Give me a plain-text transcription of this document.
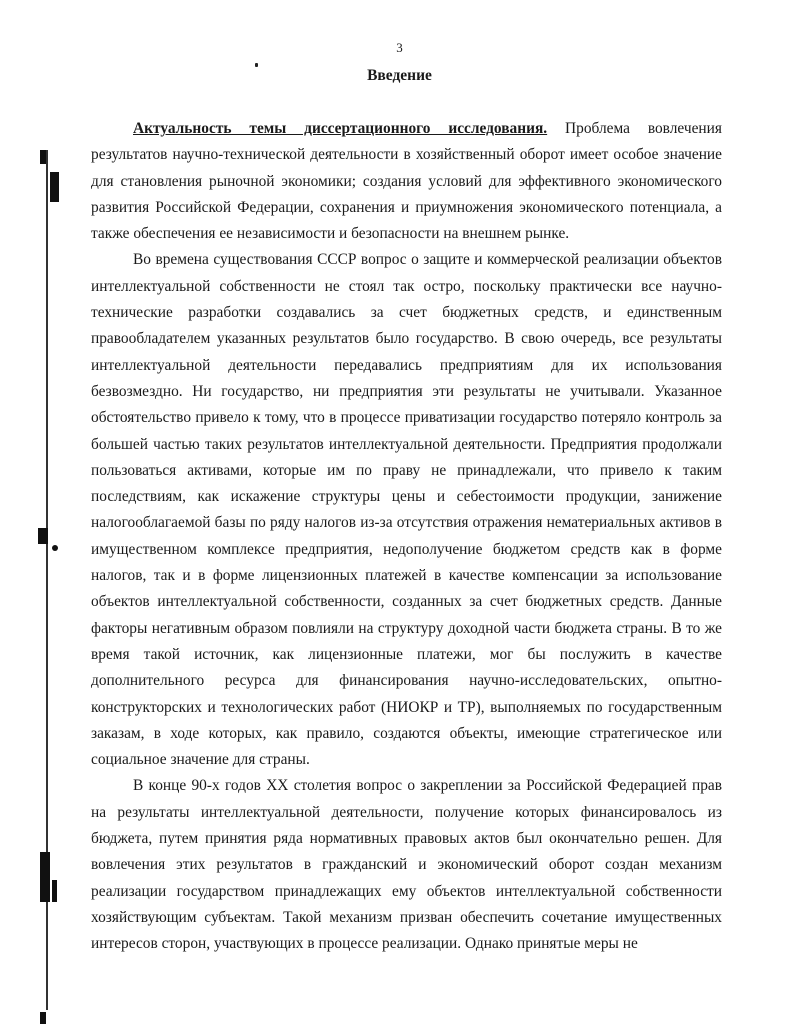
3
Введение

Актуальность темы диссертационного исследования. Проблема вовлечения результатов научно-технической деятельности в хозяйственный оборот имеет особое значение для становления рыночной экономики; создания условий для эффективного экономического развития Российской Федерации, сохранения и приумножения экономического потенциала, а также обеспечения ее независимости и безопасности на внешнем рынке.

Во времена существования СССР вопрос о защите и коммерческой реализации объектов интеллектуальной собственности не стоял так остро, поскольку практически все научно-технические разработки создавались за счет бюджетных средств, и единственным правообладателем указанных результатов было государство. В свою очередь, все результаты интеллектуальной деятельности передавались предприятиям для их использования безвозмездно. Ни государство, ни предприятия эти результаты не учитывали. Указанное обстоятельство привело к тому, что в процессе приватизации государство потеряло контроль за большей частью таких результатов интеллектуальной деятельности. Предприятия продолжали пользоваться активами, которые им по праву не принадлежали, что привело к таким последствиям, как искажение структуры цены и себестоимости продукции, занижение налогооблагаемой базы по ряду налогов из-за отсутствия отражения нематериальных активов в имущественном комплексе предприятия, недополучение бюджетом средств как в форме налогов, так и в форме лицензионных платежей в качестве компенсации за использование объектов интеллектуальной собственности, созданных за счет бюджетных средств. Данные факторы негативным образом повлияли на структуру доходной части бюджета страны. В то же время такой источник, как лицензионные платежи, мог бы послужить в качестве дополнительного ресурса для финансирования научно-исследовательских, опытно-конструкторских и технологических работ (НИОКР и ТР), выполняемых по государственным заказам, в ходе которых, как правило, создаются объекты, имеющие стратегическое или социальное значение для страны.

В конце 90-х годов XX столетия вопрос о закреплении за Российской Федерацией прав на результаты интеллектуальной деятельности, получение которых финансировалось из бюджета, путем принятия ряда нормативных правовых актов был окончательно решен. Для вовлечения этих результатов в гражданский и экономический оборот создан механизм реализации государством принадлежащих ему объектов интеллектуальной собственности хозяйствующим субъектам. Такой механизм призван обеспечить сочетание имущественных интересов сторон, участвующих в процессе реализации. Однако принятые меры не
